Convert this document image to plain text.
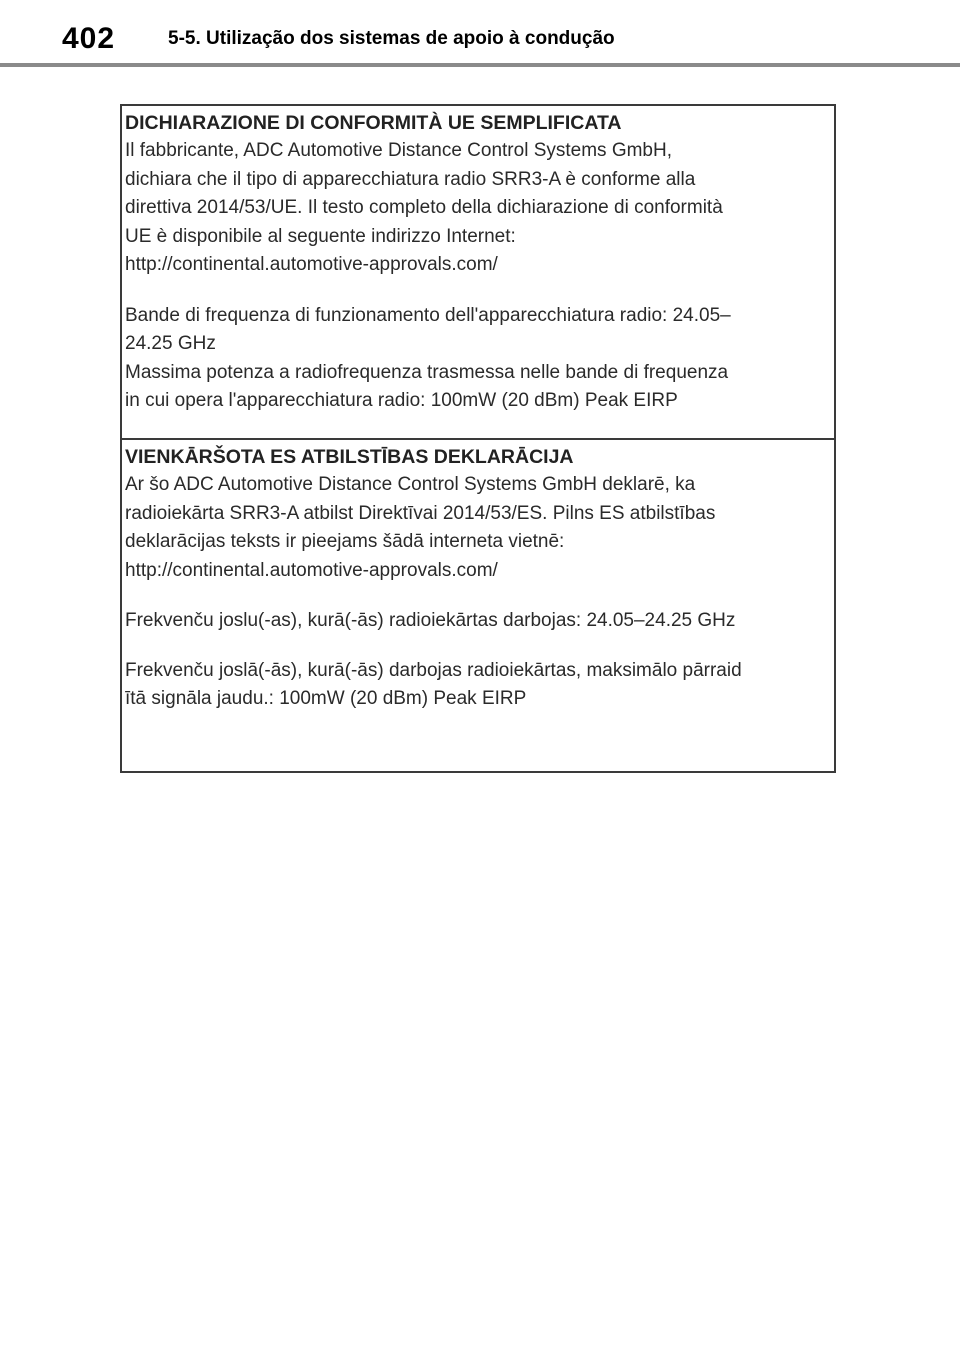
402	5-5. Utilização dos sistemas de apoio à condução
DICHIARAZIONE DI CONFORMITÀ UE SEMPLIFICATA
Il fabbricante, ADC Automotive Distance Control Systems GmbH,
dichiara che il tipo di apparecchiatura radio SRR3-A è conforme alla
direttiva 2014/53/UE. Il testo completo della dichiarazione di conformità
UE è disponibile al seguente indirizzo Internet:
http://continental.automotive-approvals.com/
Bande di frequenza di funzionamento dell'apparecchiatura radio: 24.05–
24.25 GHz
Massima potenza a radiofrequenza trasmessa nelle bande di frequenza
in cui opera l'apparecchiatura radio: 100mW (20 dBm) Peak EIRP
VIENKĀRŠOTA ES ATBILSTĪBAS DEKLARĀCIJA
Ar šo ADC Automotive Distance Control Systems GmbH deklarē, ka
radioiekārta SRR3-A atbilst Direktīvai 2014/53/ES. Pilns ES atbilstības
deklarācijas teksts ir pieejams šādā interneta vietnē:
http://continental.automotive-approvals.com/
Frekvenču joslu(-as), kurā(-ās) radioiekārtas darbojas: 24.05–24.25 GHz
Frekvenču joslā(-ās), kurā(-ās) darbojas radioiekārtas, maksimālo pārraid
ītā signāla jaudu.: 100mW (20 dBm) Peak EIRP
